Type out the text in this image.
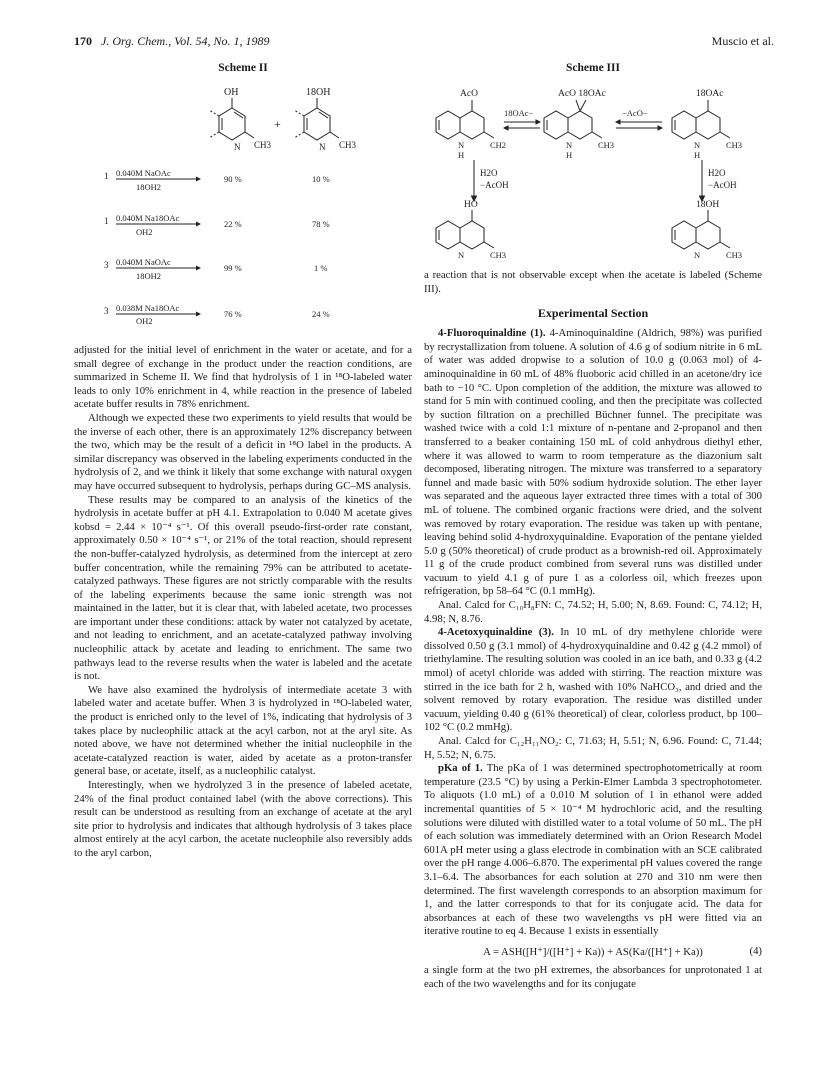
170 J. Org. Chem., Vol. 54, No. 1, 1989	Muscio et al.
Scheme II
OH
N CH3
+
18OH
N CH3
1 0.040M NaOAc
18OH2
90 %	10 %
1 0.040M Na18OAc
OH2
22 %	78 %
3 0.040M NaOAc
18OH2
99 %	1 %
3 0.038M Na18OAc
OH2
76 %	24 %

adjusted for the initial level of enrichment in the water or acetate, and for a small degree of exchange in the product under the reaction conditions, are summarized in Scheme II. We find that hydrolysis of 1 in ¹⁸O-labeled water leads to only 10% enrichment in 4, while reaction in the presence of labeled acetate buffer results in 78% enrichment.

Although we expected these two experiments to yield results that would be the inverse of each other, there is an approximately 12% discrepancy between the two, which may be the result of a deficit in ¹⁸O label in the products. A similar discrepancy was observed in the labeling experiments conducted in the hydrolysis of 2, and we think it likely that some exchange with natural oxygen may have occurred subsequent to hydrolysis, perhaps during GC–MS analysis.

These results may be compared to an analysis of the kinetics of the hydrolysis in acetate buffer at pH 4.1. Extrapolation to 0.040 M acetate gives kobsd = 2.44 × 10⁻⁴ s⁻¹. Of this overall pseudo-first-order rate constant, approximately 0.50 × 10⁻⁴ s⁻¹, or 21% of the total reaction, should represent the non-buffer-catalyzed hydrolysis, as determined from the intercept at zero buffer concentration, while the remaining 79% can be attributed to acetate-catalyzed pathways. These figures are not strictly comparable with the results of the labeling experiments because the same ionic strength was not maintained in the latter, but it is clear that, with labeled acetate, two processes are important under these conditions: attack by water not catalyzed by acetate, and not leading to enrichment, and an acetate-catalyzed pathway involving nucleophilic attack by acetate and leading to enrichment. The same two pathways lead to the reverse results when the water is labeled and the acetate is not.

We have also examined the hydrolysis of intermediate acetate 3 with labeled water and acetate buffer. When 3 is hydrolyzed in ¹⁸O-labeled water, the product is enriched only to the level of 1%, indicating that hydrolysis of 3 takes place by nucleophilic attack at the acyl carbon, not at the aryl site. As noted above, we have not determined whether the initial nucleophile in the acetate-catalyzed reaction is water, aided by acetate as a proton-transfer general base, or acetate, itself, as a nucleophilic catalyst.

Interestingly, when we hydrolyzed 3 in the presence of labeled acetate, 24% of the final product contained label (with the above corrections). This result can be understood as resulting from an exchange of acetate at the aryl site prior to hydrolysis and indicates that although hydrolysis of 3 takes place almost entirely at the acyl carbon, the acetate nucleophile also reversibly adds to the aryl carbon,

Scheme III
AcO	AcO 18OAc	18OAc
18OAc−	−AcO−
N
H
CH2	N
H
CH3	N
H
CH3
H2O
−AcOH
H2O
−AcOH
HO	18OH
N	CH3	N	CH3

a reaction that is not observable except when the acetate is labeled (Scheme III).

Experimental Section

4-Fluoroquinaldine (1). 4-Aminoquinaldine (Aldrich, 98%) was purified by recrystallization from toluene. A solution of 4.6 g of sodium nitrite in 6 mL of water was added dropwise to a solution of 10.0 g (0.063 mol) of 4-aminoquinaldine in 60 mL of 48% fluoboric acid chilled in an acetone/dry ice bath to −10 °C. Upon completion of the addition, the mixture was allowed to stand for 5 min with continued cooling, and then the precipitate was collected by suction filtration on a prechilled Büchner funnel. The precipitate was washed twice with a cold 1:1 mixture of n-pentane and 2-propanol and then transferred to a beaker containing 150 mL of cold anhydrous diethyl ether, where it was allowed to warm to room temperature as the diazonium salt decomposed, liberating nitrogen. The mixture was transferred to a separatory funnel and made basic with 50% sodium hydroxide solution. The ether layer was separated and the aqueous layer extracted three times with a total of 300 mL of toluene. The combined organic fractions were dried, and the solvent was removed by rotary evaporation. The residue was taken up with pentane, leaving behind solid 4-hydroxyquinaldine. Evaporation of the pentane yielded 5.0 g (50% theoretical) of crude product as a brownish-red oil. Approximately 11 g of the crude product combined from several runs was distilled under vacuum to yield 4.1 g of pure 1 as a colorless oil, which freezes upon refrigeration, bp 58–64 °C (0.1 mmHg).

Anal. Calcd for C₁₀H₈FN: C, 74.52; H, 5.00; N, 8.69. Found: C, 74.12; H, 4.98; N, 8.76.

4-Acetoxyquinaldine (3). In 10 mL of dry methylene chloride were dissolved 0.50 g (3.1 mmol) of 4-hydroxyquinaldine and 0.42 g (4.2 mmol) of triethylamine. The resulting solution was cooled in an ice bath, and 0.33 g (4.2 mmol) of acetyl chloride was added with stirring. The reaction mixture was stirred in the ice bath for 2 h, washed with 10% NaHCO₃, and dried and the solvent removed by rotary evaporation. The residue was distilled under vacuum, yielding 0.40 g (61% theoretical) of clear, colorless product, bp 100–102 °C (0.2 mmHg).

Anal. Calcd for C₁₂H₁₁NO₂: C, 71.63; H, 5.51; N, 6.96. Found: C, 71.44; H, 5.52; N, 6.75.

pKa of 1. The pKa of 1 was determined spectrophotometrically at room temperature (23.5 °C) by using a Perkin-Elmer Lambda 3 spectrophotometer. To aliquots (1.0 mL) of a 0.010 M solution of 1 in ethanol were added incremental quantities of 5 × 10⁻⁴ M hydrochloric acid, and the resulting solutions were diluted with distilled water to a total volume of 50 mL. The pH of each solution was immediately determined with an Orion Research Model 601A pH meter using a glass electrode in combination with an SCE calibrated over the pH range 4.006–6.870. The experimental pH values covered the range 3.1–6.4. The absorbances for each solution at 270 and 310 nm were then determined. The first wavelength corresponds to an absorption maximum for 1, and the latter corresponds to that for its conjugate acid. The data for absorbances at each of these two wavelengths vs pH were fitted via an iterative routine to eq 4. Because 1 exists in essentially

A = ASH([H⁺]/([H⁺] + Ka)) + AS(Ka/([H⁺] + Ka))	(4)

a single form at the two pH extremes, the absorbances for unprotonated 1 at each of the two wavelengths and for its conjugate
